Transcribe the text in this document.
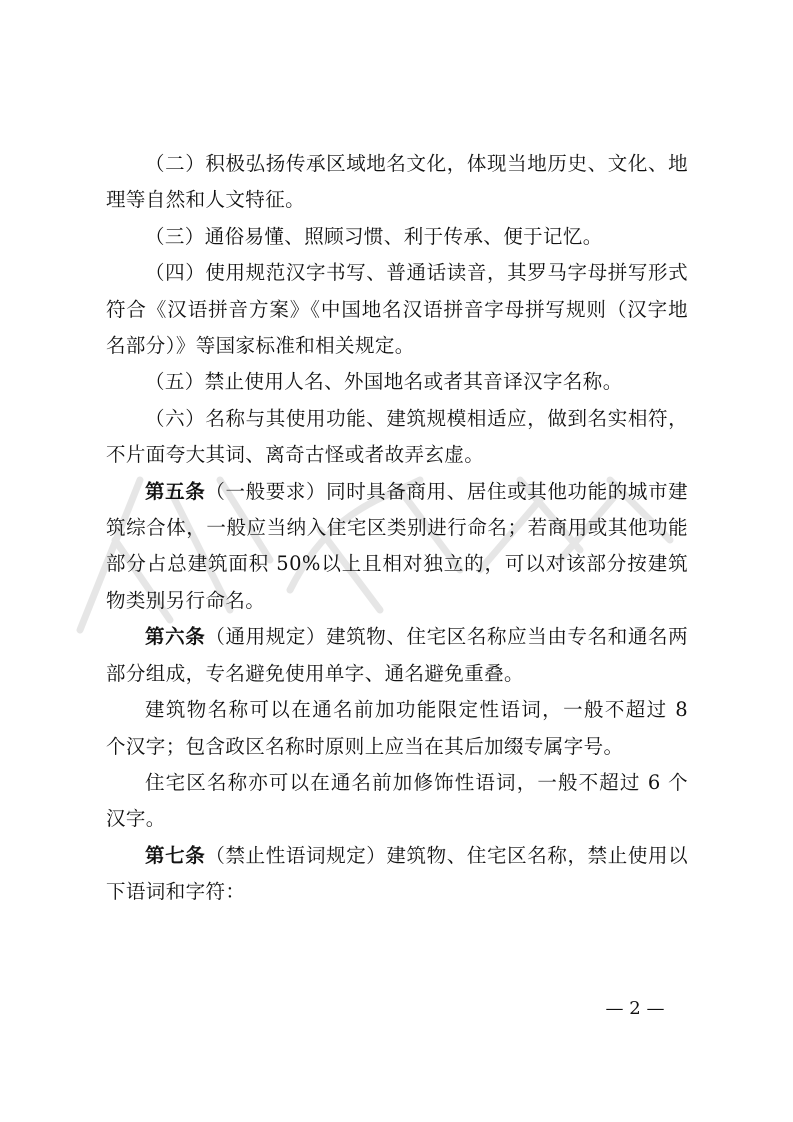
（二）积极弘扬传承区域地名文化，体现当地历史、文化、地理等自然和人文特征。

（三）通俗易懂、照顾习惯、利于传承、便于记忆。

（四）使用规范汉字书写、普通话读音，其罗马字母拼写形式符合《汉语拼音方案》《中国地名汉语拼音字母拼写规则（汉字地名部分）》等国家标准和相关规定。

（五）禁止使用人名、外国地名或者其音译汉字名称。

（六）名称与其使用功能、建筑规模相适应，做到名实相符，不片面夸大其词、离奇古怪或者故弄玄虚。

第五条（一般要求）同时具备商用、居住或其他功能的城市建筑综合体，一般应当纳入住宅区类别进行命名；若商用或其他功能部分占总建筑面积 50%以上且相对独立的，可以对该部分按建筑物类别另行命名。

第六条（通用规定）建筑物、住宅区名称应当由专名和通名两部分组成，专名避免使用单字、通名避免重叠。

建筑物名称可以在通名前加功能限定性语词，一般不超过 8 个汉字；包含政区名称时原则上应当在其后加缀专属字号。

住宅区名称亦可以在通名前加修饰性语词，一般不超过 6 个汉字。

第七条（禁止性语词规定）建筑物、住宅区名称，禁止使用以下语词和字符：

— 2 —
